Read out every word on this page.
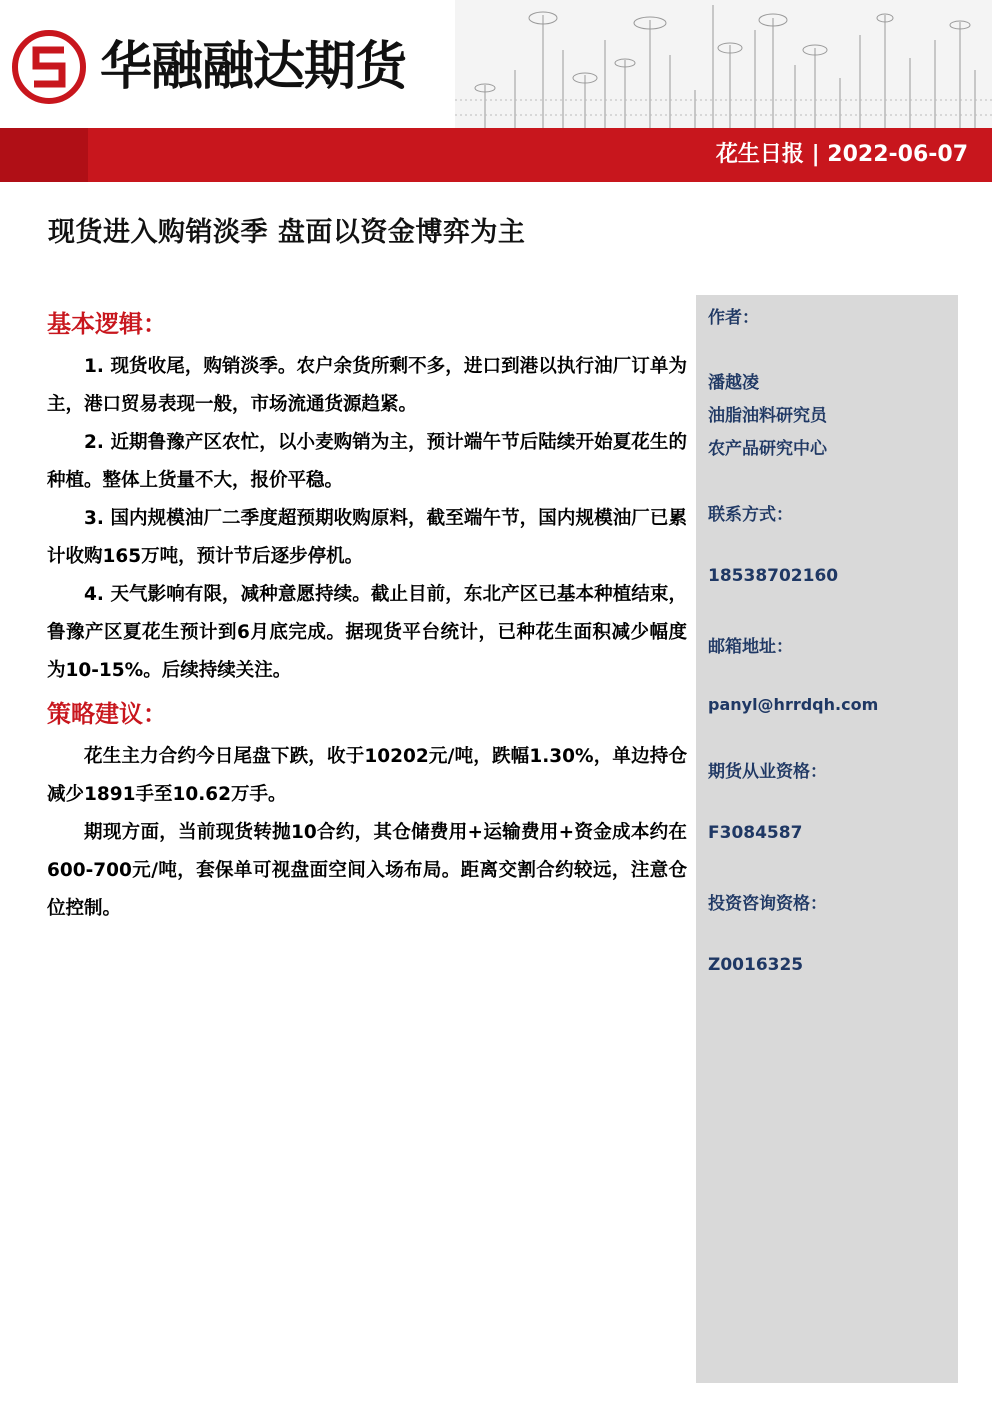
华融融达期货
花生日报 | 2022-06-07
现货进入购销淡季 盘面以资金博弈为主
基本逻辑：

1. 现货收尾，购销淡季。农户余货所剩不多，进口到港以执行油厂订单为主，港口贸易表现一般，市场流通货源趋紧。

2. 近期鲁豫产区农忙，以小麦购销为主，预计端午节后陆续开始夏花生的种植。整体上货量不大，报价平稳。

3. 国内规模油厂二季度超预期收购原料，截至端午节，国内规模油厂已累计收购165万吨，预计节后逐步停机。

4. 天气影响有限，减种意愿持续。截止目前，东北产区已基本种植结束，鲁豫产区夏花生预计到6月底完成。据现货平台统计，已种花生面积减少幅度为10-15%。后续持续关注。

策略建议：

花生主力合约今日尾盘下跌，收于10202元/吨，跌幅1.30%，单边持仓减少1891手至10.62万手。

期现方面，当前现货转抛10合约，其仓储费用+运输费用+资金成本约在600-700元/吨，套保单可视盘面空间入场布局。距离交割合约较远，注意仓位控制。

作者：
潘越凌
油脂油料研究员
农产品研究中心
联系方式：
18538702160
邮箱地址：
panyl@hrrdqh.com
期货从业资格：
F3084587
投资咨询资格：
Z0016325
